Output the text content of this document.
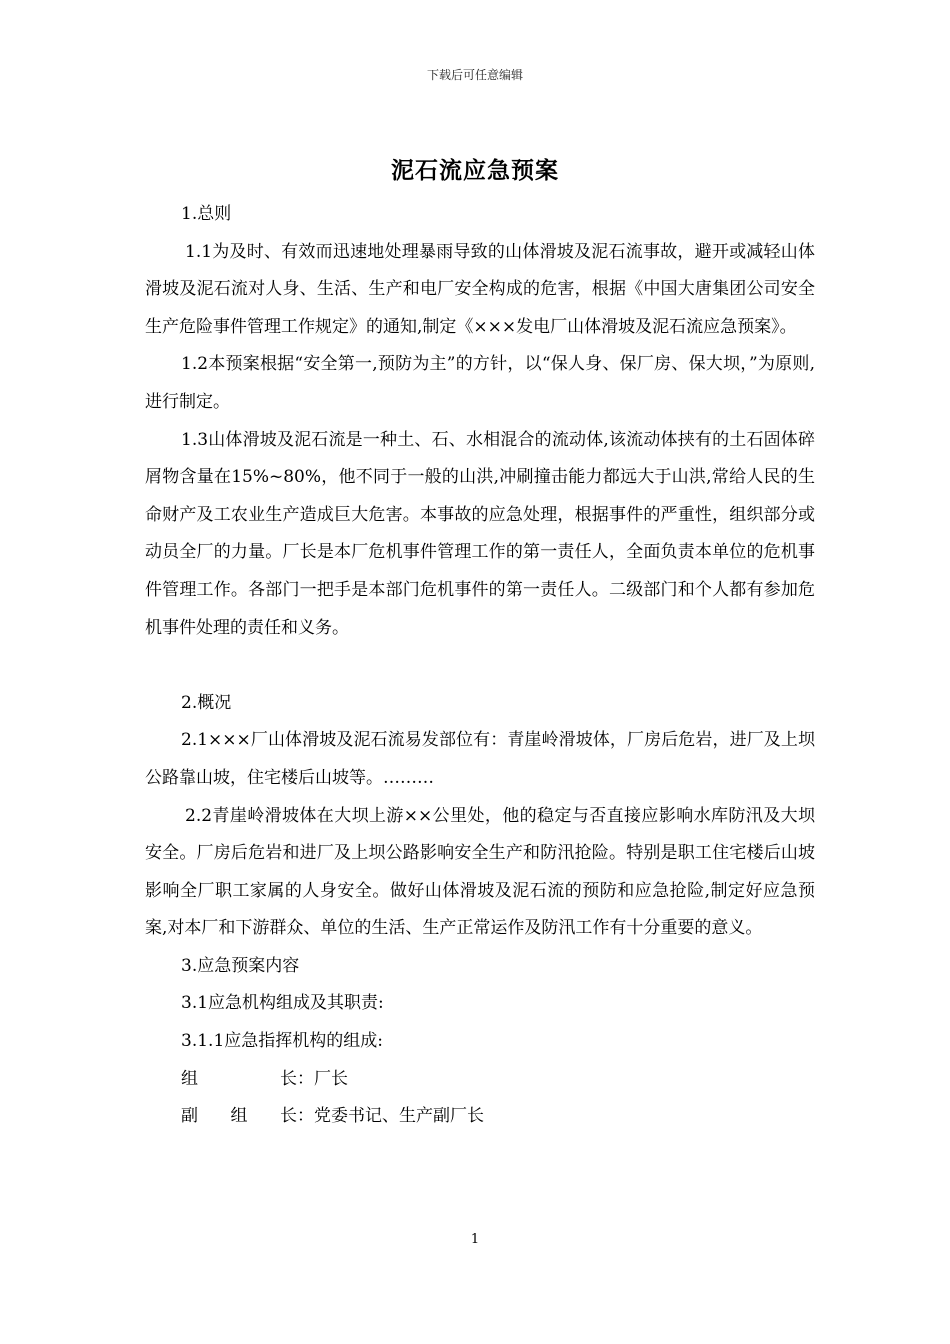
下载后可任意编辑
泥石流应急预案

1.总则

1.1为及时、有效而迅速地处理暴雨导致的山体滑坡及泥石流事故，避开或减轻山体滑坡及泥石流对人身、生活、生产和电厂安全构成的危害，根据《中国大唐集团公司安全生产危险事件管理工作规定》的通知,制定《×××发电厂山体滑坡及泥石流应急预案》。

1.2本预案根据“安全第一,预防为主”的方针，以“保人身、保厂房、保大坝，”为原则,进行制定。

1.3山体滑坡及泥石流是一种土、石、水相混合的流动体,该流动体挟有的土石固体碎屑物含量在15%~80%，他不同于一般的山洪,冲刷撞击能力都远大于山洪,常给人民的生命财产及工农业生产造成巨大危害。本事故的应急处理，根据事件的严重性，组织部分或动员全厂的力量。厂长是本厂危机事件管理工作的第一责任人，全面负责本单位的危机事件管理工作。各部门一把手是本部门危机事件的第一责任人。二级部门和个人都有参加危机事件处理的责任和义务。

2.概况

2.1×××厂山体滑坡及泥石流易发部位有：青崖岭滑坡体，厂房后危岩，进厂及上坝公路靠山坡，住宅楼后山坡等。………

2.2青崖岭滑坡体在大坝上游××公里处，他的稳定与否直接应影响水库防汛及大坝安全。厂房后危岩和进厂及上坝公路影响安全生产和防汛抢险。特别是职工住宅楼后山坡影响全厂职工家属的人身安全。做好山体滑坡及泥石流的预防和应急抢险,制定好应急预案,对本厂和下游群众、单位的生活、生产正常运作及防汛工作有十分重要的意义。

3.应急预案内容

3.1应急机构组成及其职责:

3.1.1应急指挥机构的组成:

组长：厂长

副组长：党委书记、生产副厂长

1
